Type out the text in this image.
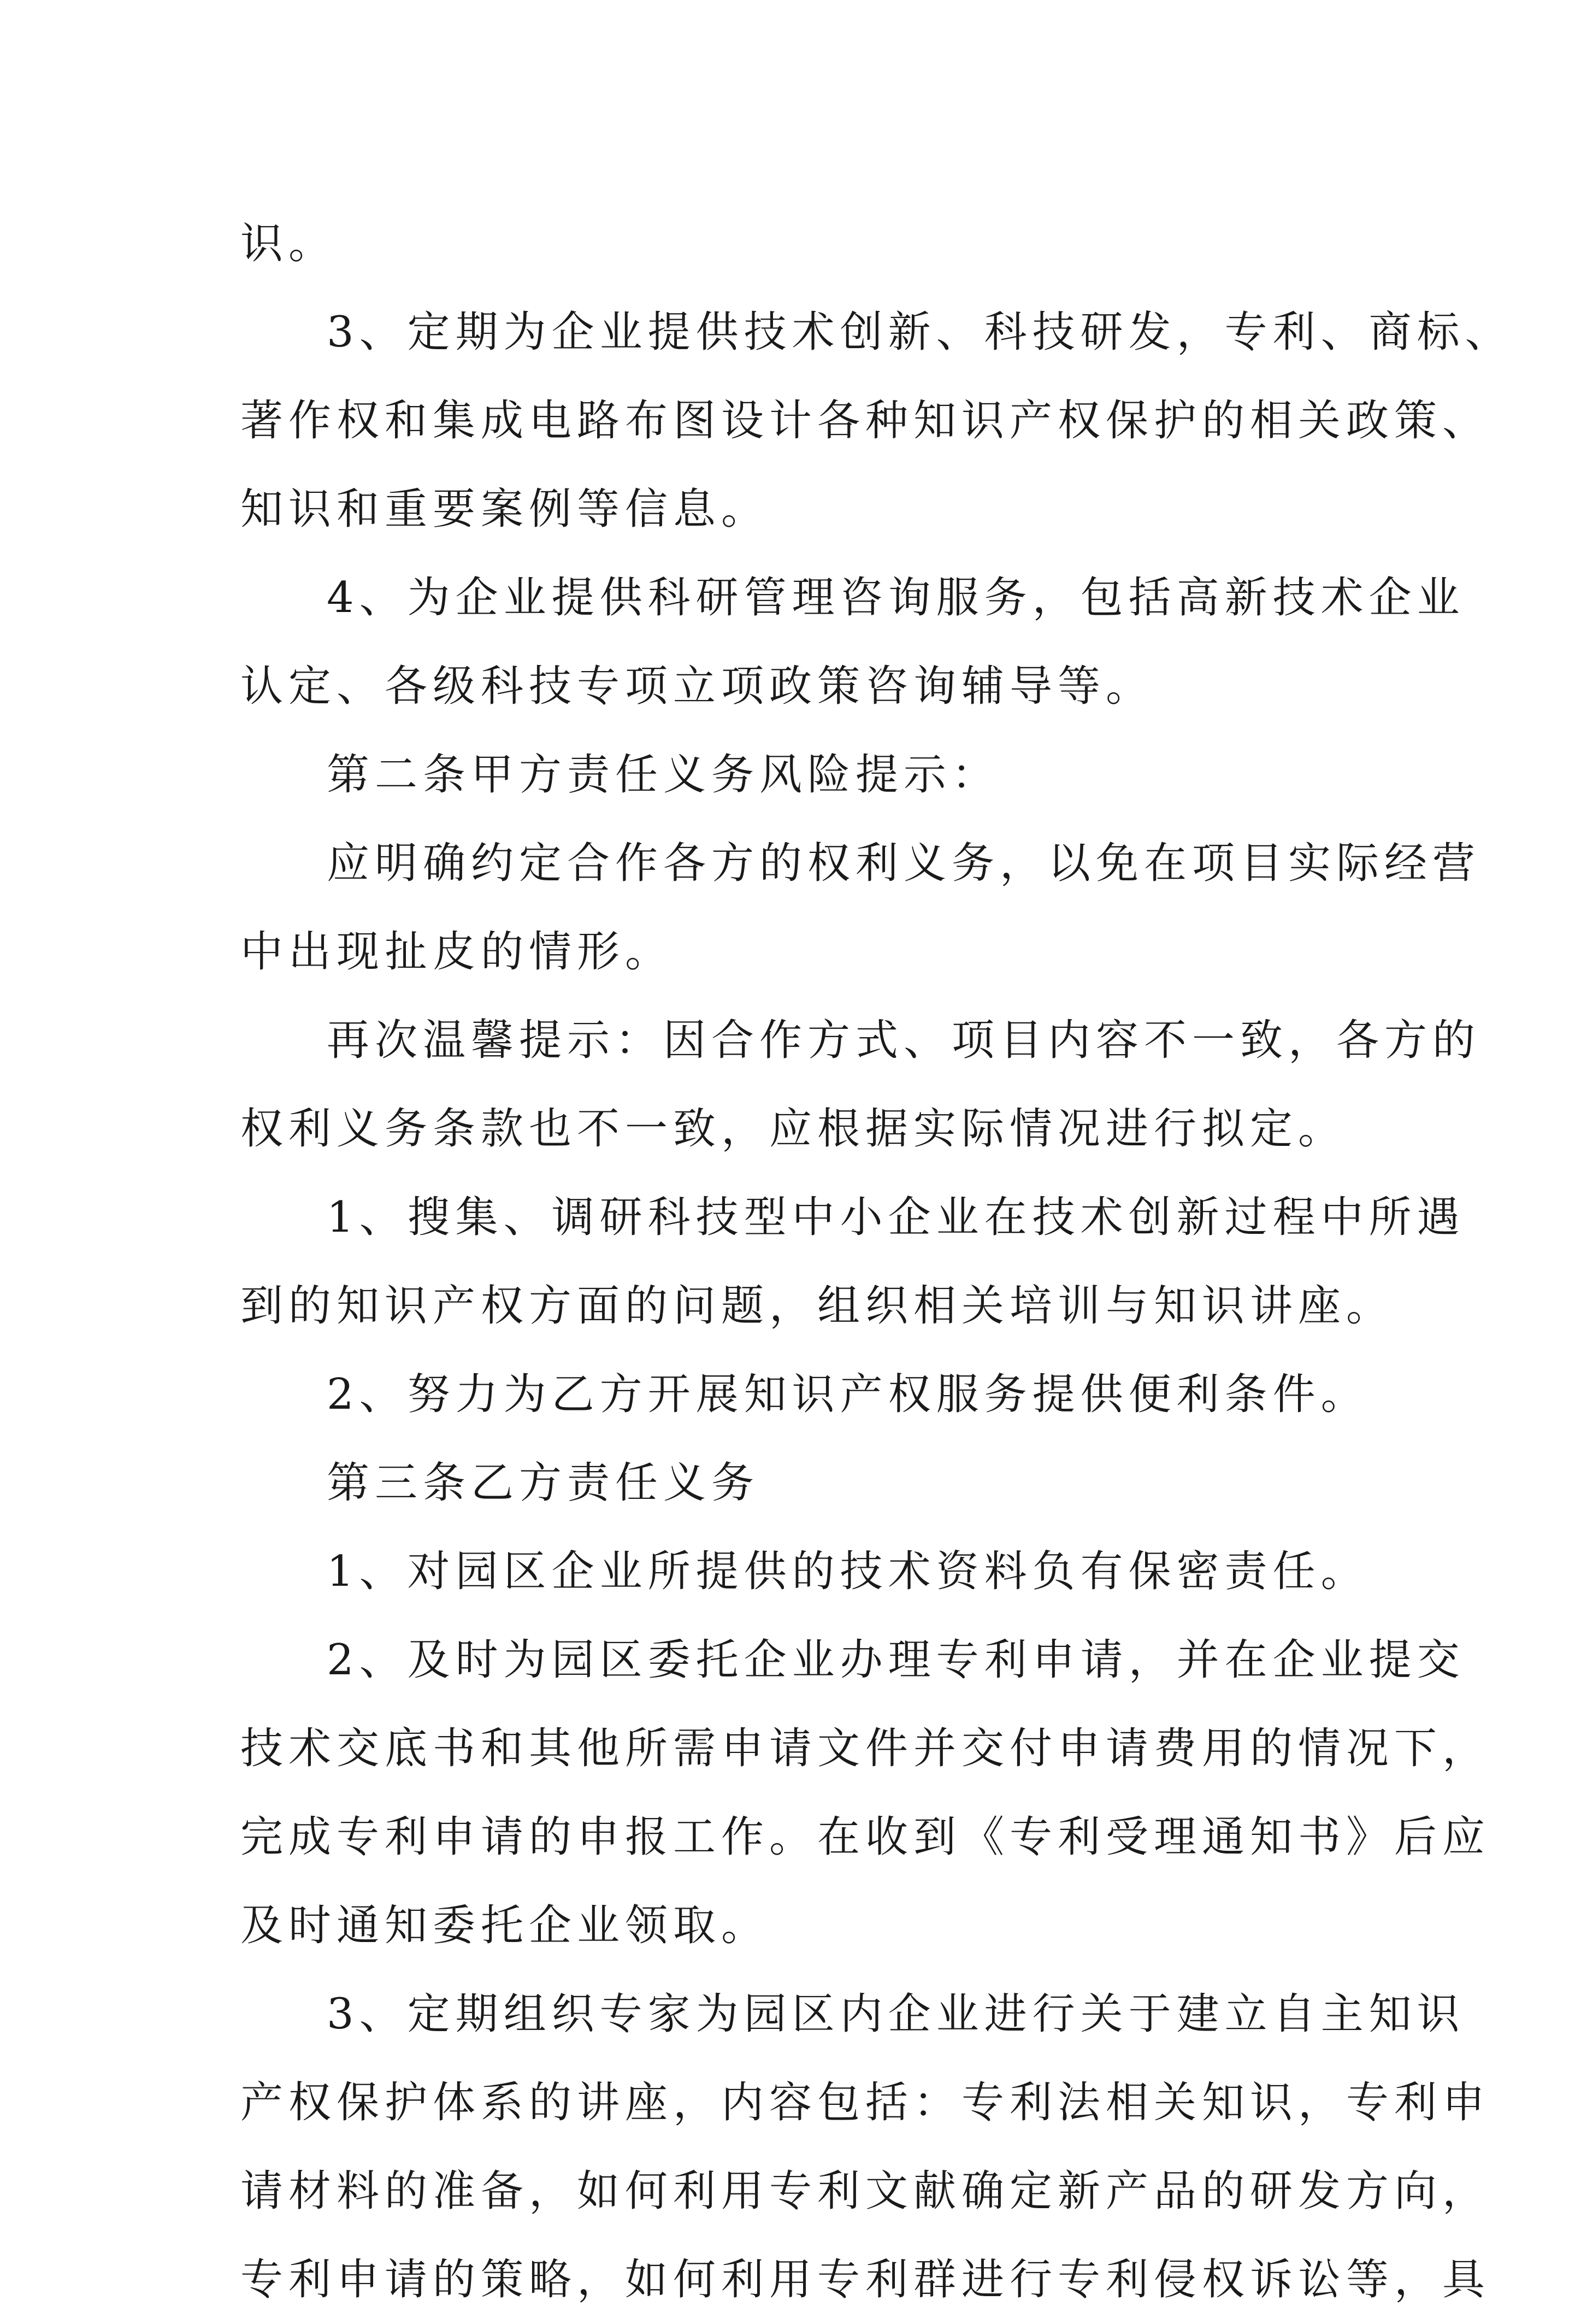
识。
3、定期为企业提供技术创新、科技研发，专利、商标、
著作权和集成电路布图设计各种知识产权保护的相关政策、
知识和重要案例等信息。
4、为企业提供科研管理咨询服务，包括高新技术企业
认定、各级科技专项立项政策咨询辅导等。
第二条甲方责任义务风险提示：
应明确约定合作各方的权利义务，以免在项目实际经营
中出现扯皮的情形。
再次温馨提示：因合作方式、项目内容不一致，各方的
权利义务条款也不一致，应根据实际情况进行拟定。
1、搜集、调研科技型中小企业在技术创新过程中所遇
到的知识产权方面的问题，组织相关培训与知识讲座。
2、努力为乙方开展知识产权服务提供便利条件。
第三条乙方责任义务
1、对园区企业所提供的技术资料负有保密责任。
2、及时为园区委托企业办理专利申请，并在企业提交
技术交底书和其他所需申请文件并交付申请费用的情况下，
完成专利申请的申报工作。在收到《专利受理通知书》后应
及时通知委托企业领取。
3、定期组织专家为园区内企业进行关于建立自主知识
产权保护体系的讲座，内容包括：专利法相关知识，专利申
请材料的准备，如何利用专利文献确定新产品的研发方向，
专利申请的策略，如何利用专利群进行专利侵权诉讼等，具
